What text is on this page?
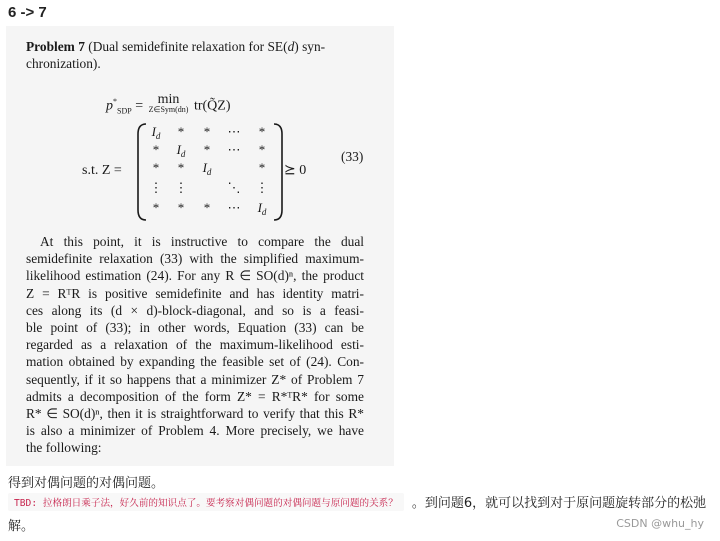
6 -> 7
Problem 7 (Dual semidefinite relaxation for SE(d) syn-
chronization).
$p^*_{SDP}$ =	min
Z∈Sym(dn) tr(Q̃Z)
s.t. Z =
$I_d$ * * ⋯ *
* $I_d$ * ⋯ *
* * $I_d$	*
⋮ ⋮	⋱ ⋮
* * * ⋯ $I_d$
⪰ 0
(33)
At this point, it is instructive to compare the dual
semidefinite relaxation (33) with the simplified maximum-
likelihood estimation (24). For any R ∈ SO(d)ⁿ, the product
Z = RᵀR is positive semidefinite and has identity matri-
ces along its (d × d)-block-diagonal, and so is a feasi-
ble point of (33); in other words, Equation (33) can be
regarded as a relaxation of the maximum-likelihood esti-
mation obtained by expanding the feasible set of (24). Con-
sequently, if it so happens that a minimizer Z* of Problem 7
admits a decomposition of the form Z* = R*ᵀR* for some
R* ∈ SO(d)ⁿ, then it is straightforward to verify that this R*
is also a minimizer of Problem 4. More precisely, we have
the following:
得到对偶问题的对偶问题。
TBD: 拉格朗日乘子法，好久前的知识点了。要考察对偶问题的对偶问题与原问题的关系？ 。到问题6，就可以找到对于原问题旋转部分的松弛
解。	CSDN @whu_hy
